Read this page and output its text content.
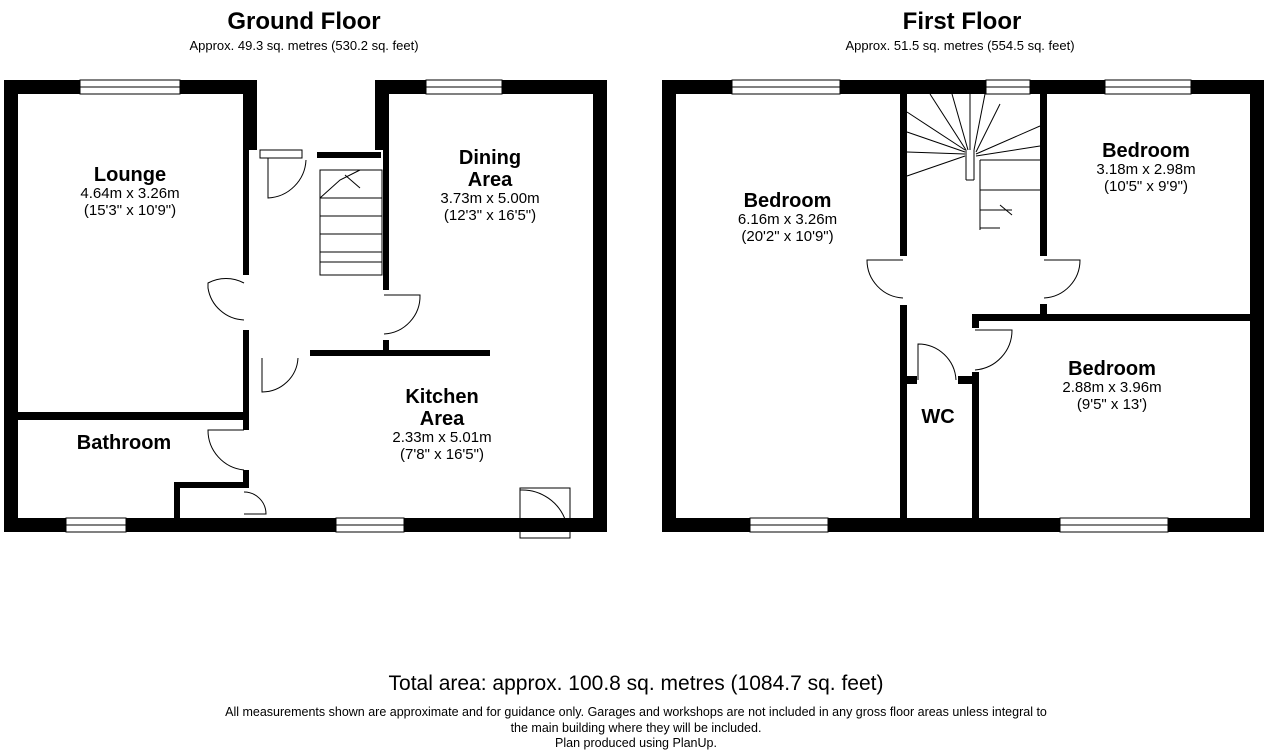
Ground Floor
Approx. 49.3 sq. metres (530.2 sq. feet)
First Floor
Approx. 51.5 sq. metres (554.5 sq. feet)
Lounge
4.64m x 3.26m
(15'3" x 10'9")
Dining
Area
3.73m x 5.00m
(12'3" x 16'5")
Kitchen
Area
2.33m x 5.01m
(7'8" x 16'5")
Bathroom
Bedroom
6.16m x 3.26m
(20'2" x 10'9")
Bedroom
3.18m x 2.98m
(10'5" x 9'9")
Bedroom
2.88m x 3.96m
(9'5" x 13')
WC
Total area: approx. 100.8 sq. metres (1084.7 sq. feet)
All measurements shown are approximate and for guidance only. Garages and workshops are not included in any gross floor areas unless integral to
the main building where they will be included.
Plan produced using PlanUp.
